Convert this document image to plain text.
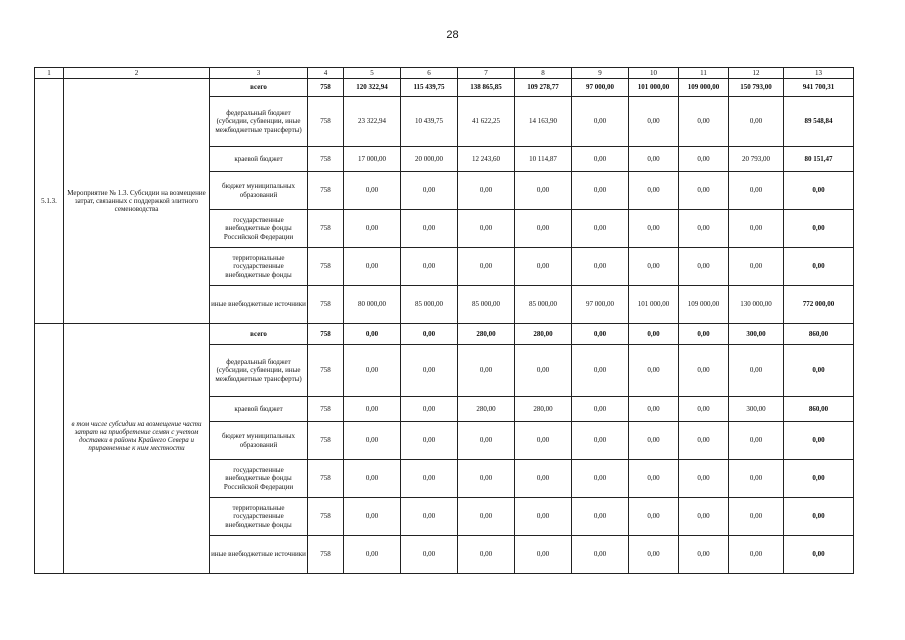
28
1	2	3	4	5	6	7	8	9	10	11	12	13
5.1.3.	Мероприятие № 1.3. Субсидии на возмещение затрат, связанных с поддержкой элитного семеноводства	всего	758	120 322,94	115 439,75	138 865,85	109 278,77	97 000,00	101 000,00	109 000,00	150 793,00	941 700,31
		федеральный бюджет (субсидии, субвенции, иные межбюджетные трансферты)	758	23 322,94	10 439,75	41 622,25	14 163,90	0,00	0,00	0,00	0,00	89 548,84
		краевой бюджет	758	17 000,00	20 000,00	12 243,60	10 114,87	0,00	0,00	0,00	20 793,00	80 151,47
		бюджет муниципальных образований	758	0,00	0,00	0,00	0,00	0,00	0,00	0,00	0,00	0,00
		государственные внебюджетные фонды Российской Федерации	758	0,00	0,00	0,00	0,00	0,00	0,00	0,00	0,00	0,00
		территориальные государственные внебюджетные фонды	758	0,00	0,00	0,00	0,00	0,00	0,00	0,00	0,00	0,00
		иные внебюджетные источники	758	80 000,00	85 000,00	85 000,00	85 000,00	97 000,00	101 000,00	109 000,00	130 000,00	772 000,00
	в том числе субсидии на возмещение части затрат на приобретение семян с учетом доставки в районы Крайнего Севера и приравненные к ним местности	всего	758	0,00	0,00	280,00	280,00	0,00	0,00	0,00	300,00	860,00
		федеральный бюджет (субсидии, субвенции, иные межбюджетные трансферты)	758	0,00	0,00	0,00	0,00	0,00	0,00	0,00	0,00	0,00
		краевой бюджет	758	0,00	0,00	280,00	280,00	0,00	0,00	0,00	300,00	860,00
		бюджет муниципальных образований	758	0,00	0,00	0,00	0,00	0,00	0,00	0,00	0,00	0,00
		государственные внебюджетные фонды Российской Федерации	758	0,00	0,00	0,00	0,00	0,00	0,00	0,00	0,00	0,00
		территориальные государственные внебюджетные фонды	758	0,00	0,00	0,00	0,00	0,00	0,00	0,00	0,00	0,00
		иные внебюджетные источники	758	0,00	0,00	0,00	0,00	0,00	0,00	0,00	0,00	0,00
